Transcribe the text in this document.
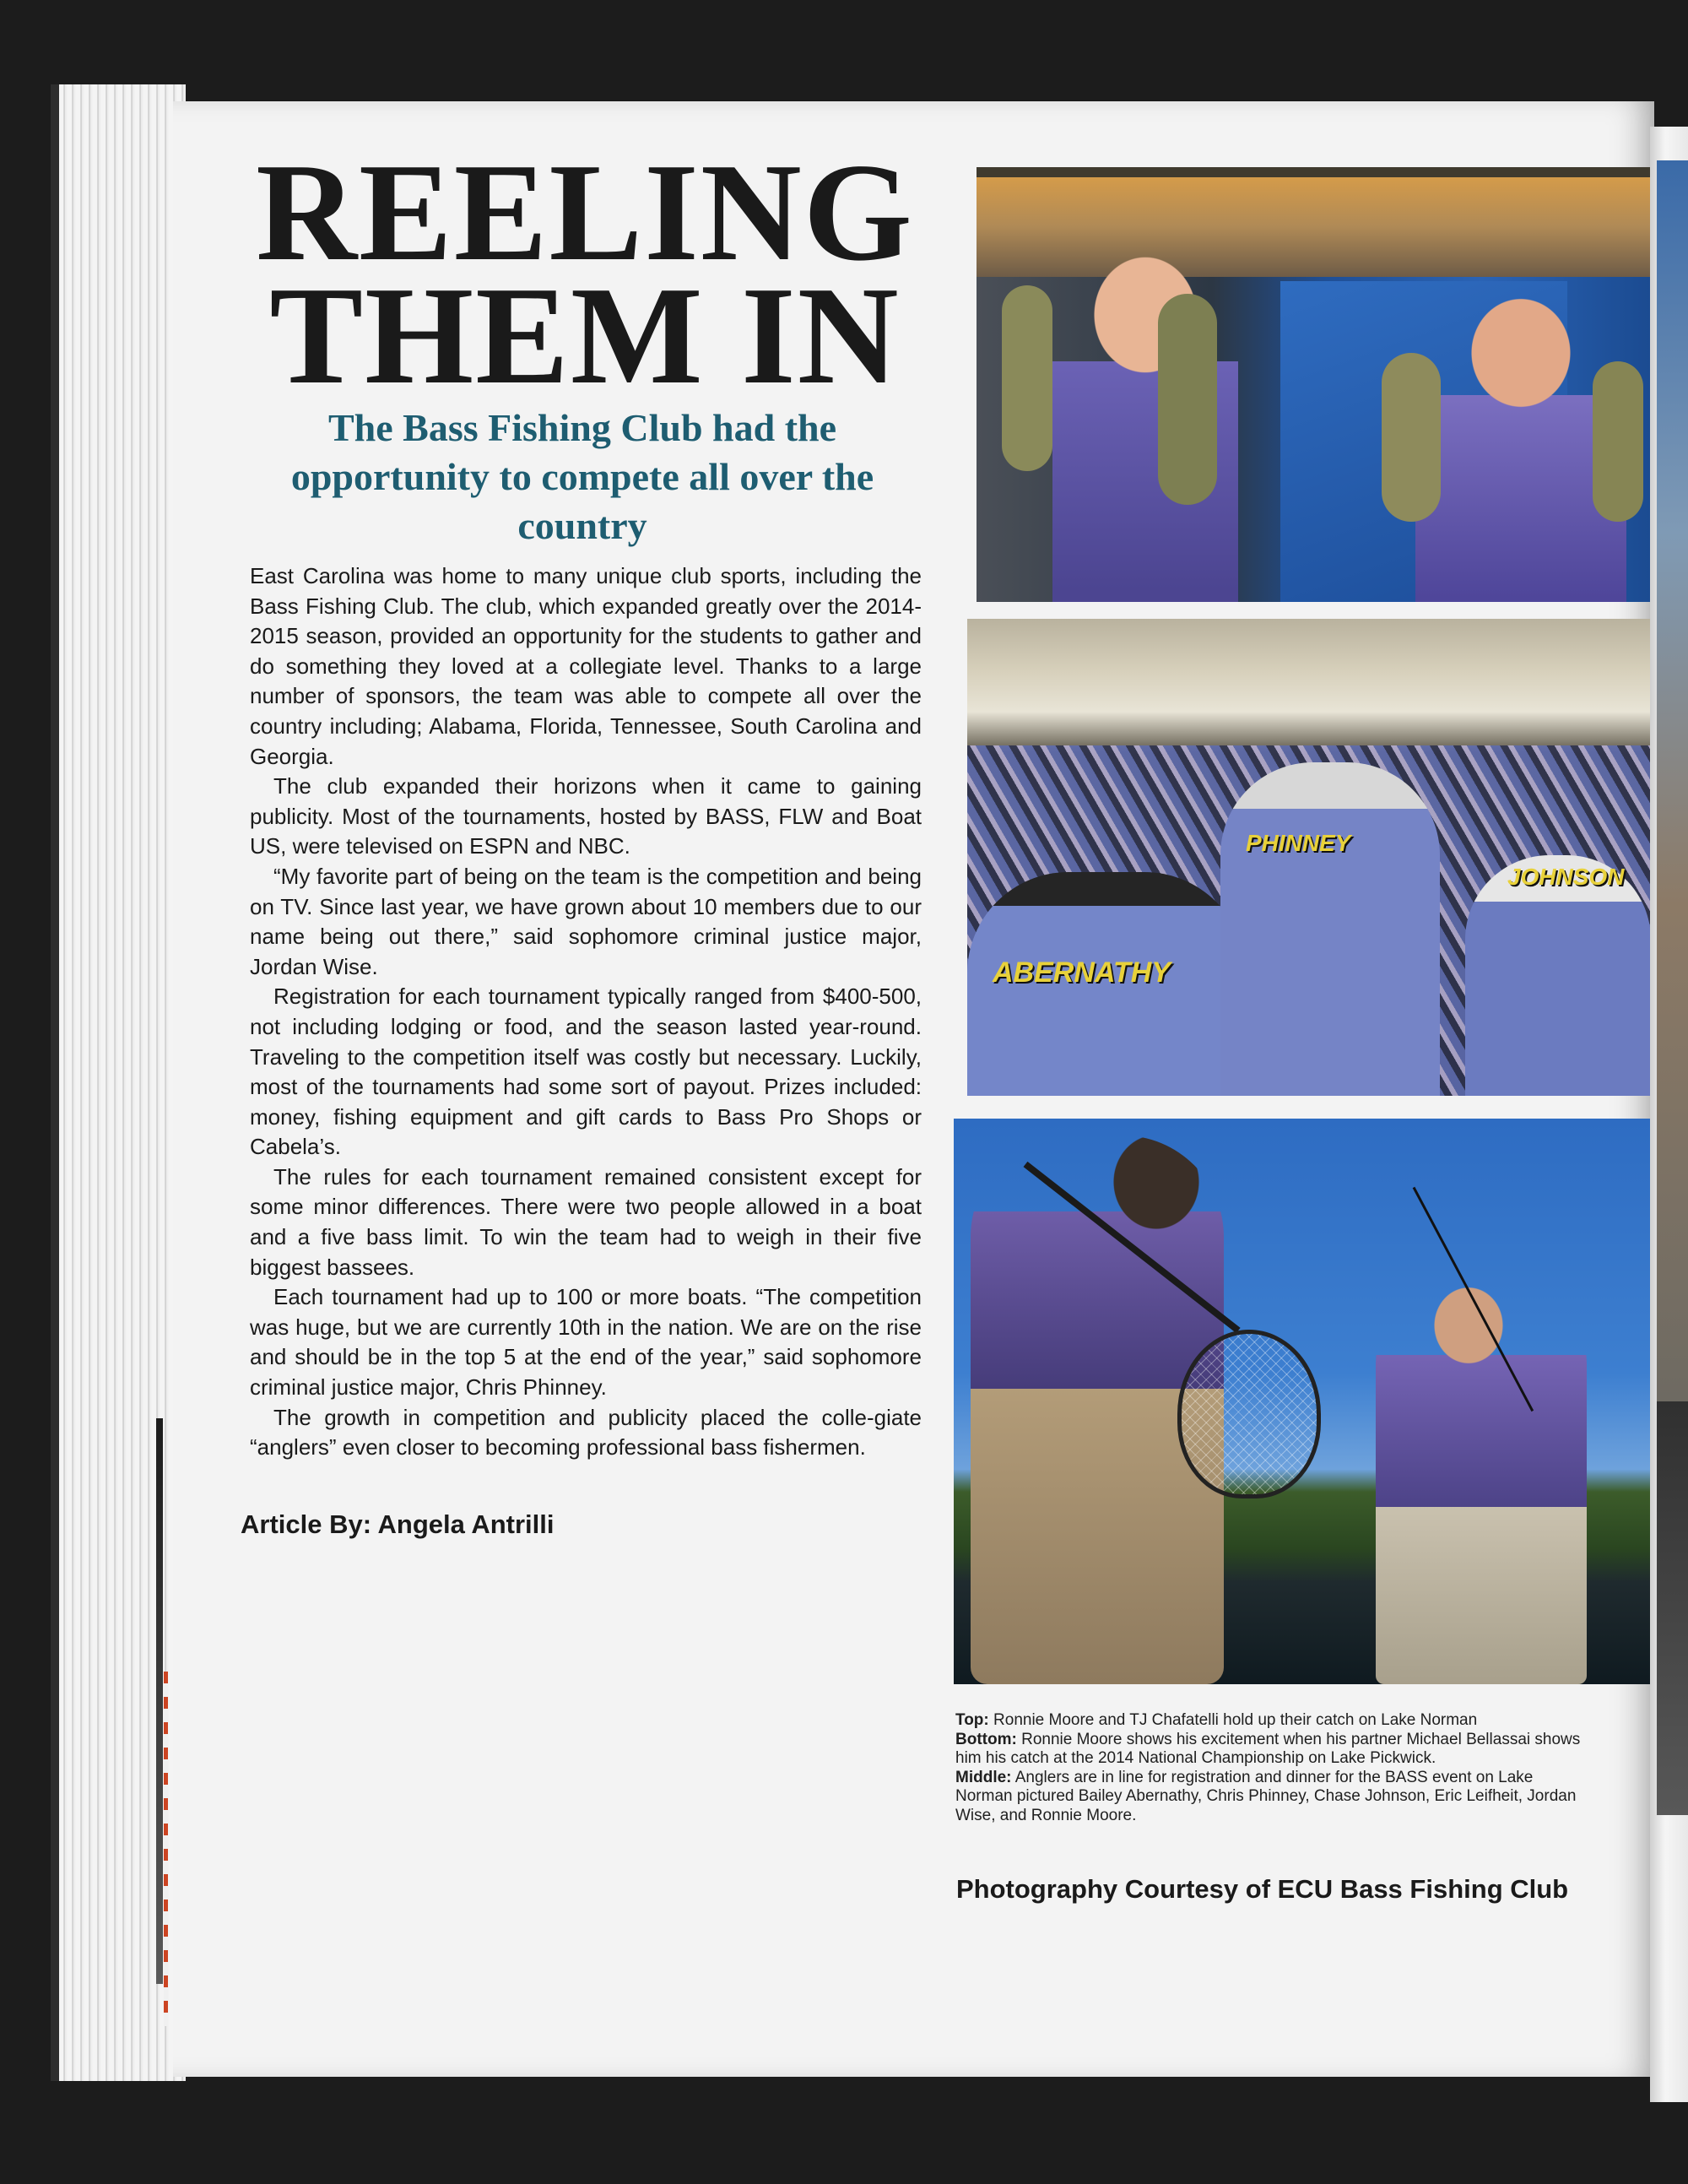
REELING
THEM IN
The Bass Fishing Club had the opportunity to compete all over the country

East Carolina was home to many unique club sports, including the Bass Fishing Club. The club, which expanded greatly over the 2014-2015 season, provided an opportunity for the students to gather and do something they loved at a collegiate level. Thanks to a large number of sponsors, the team was able to compete all over the country including; Alabama, Florida, Tennessee, South Carolina and Georgia.

The club expanded their horizons when it came to gaining publicity. Most of the tournaments, hosted by BASS, FLW and Boat US, were televised on ESPN and NBC.

“My favorite part of being on the team is the competition and being on TV. Since last year, we have grown about 10 members due to our name being out there,” said sophomore criminal justice major, Jordan Wise.

Registration for each tournament typically ranged from $400-500, not including lodging or food, and the season lasted year-round. Traveling to the competition itself was costly but necessary. Luckily, most of the tournaments had some sort of payout. Prizes included: money, fishing equipment and gift cards to Bass Pro Shops or Cabela’s.

The rules for each tournament remained consistent except for some minor differences. There were two people allowed in a boat and a five bass limit. To win the team had to weigh in their five biggest bassees.

Each tournament had up to 100 or more boats. “The competition was huge, but we are currently 10th in the nation. We are on the rise and should be in the top 5 at the end of the year,” said sophomore criminal justice major, Chris Phinney.

The growth in competition and publicity placed the colle-giate “anglers” even closer to becoming professional bass fishermen.

Article By: Angela Antrilli

ABERNATHY
PHINNEY
JOHNSON

Top: Ronnie Moore and TJ Chafatelli hold up their catch on Lake Norman

Bottom: Ronnie Moore shows his excitement when his partner Michael Bellassai shows him his catch at the 2014 National Championship on Lake Pickwick.

Middle: Anglers are in line for registration and dinner for the BASS event on Lake Norman pictured Bailey Abernathy, Chris Phinney, Chase Johnson, Eric Leifheit, Jordan Wise, and Ronnie Moore.

Photography Courtesy of ECU Bass Fishing Club
